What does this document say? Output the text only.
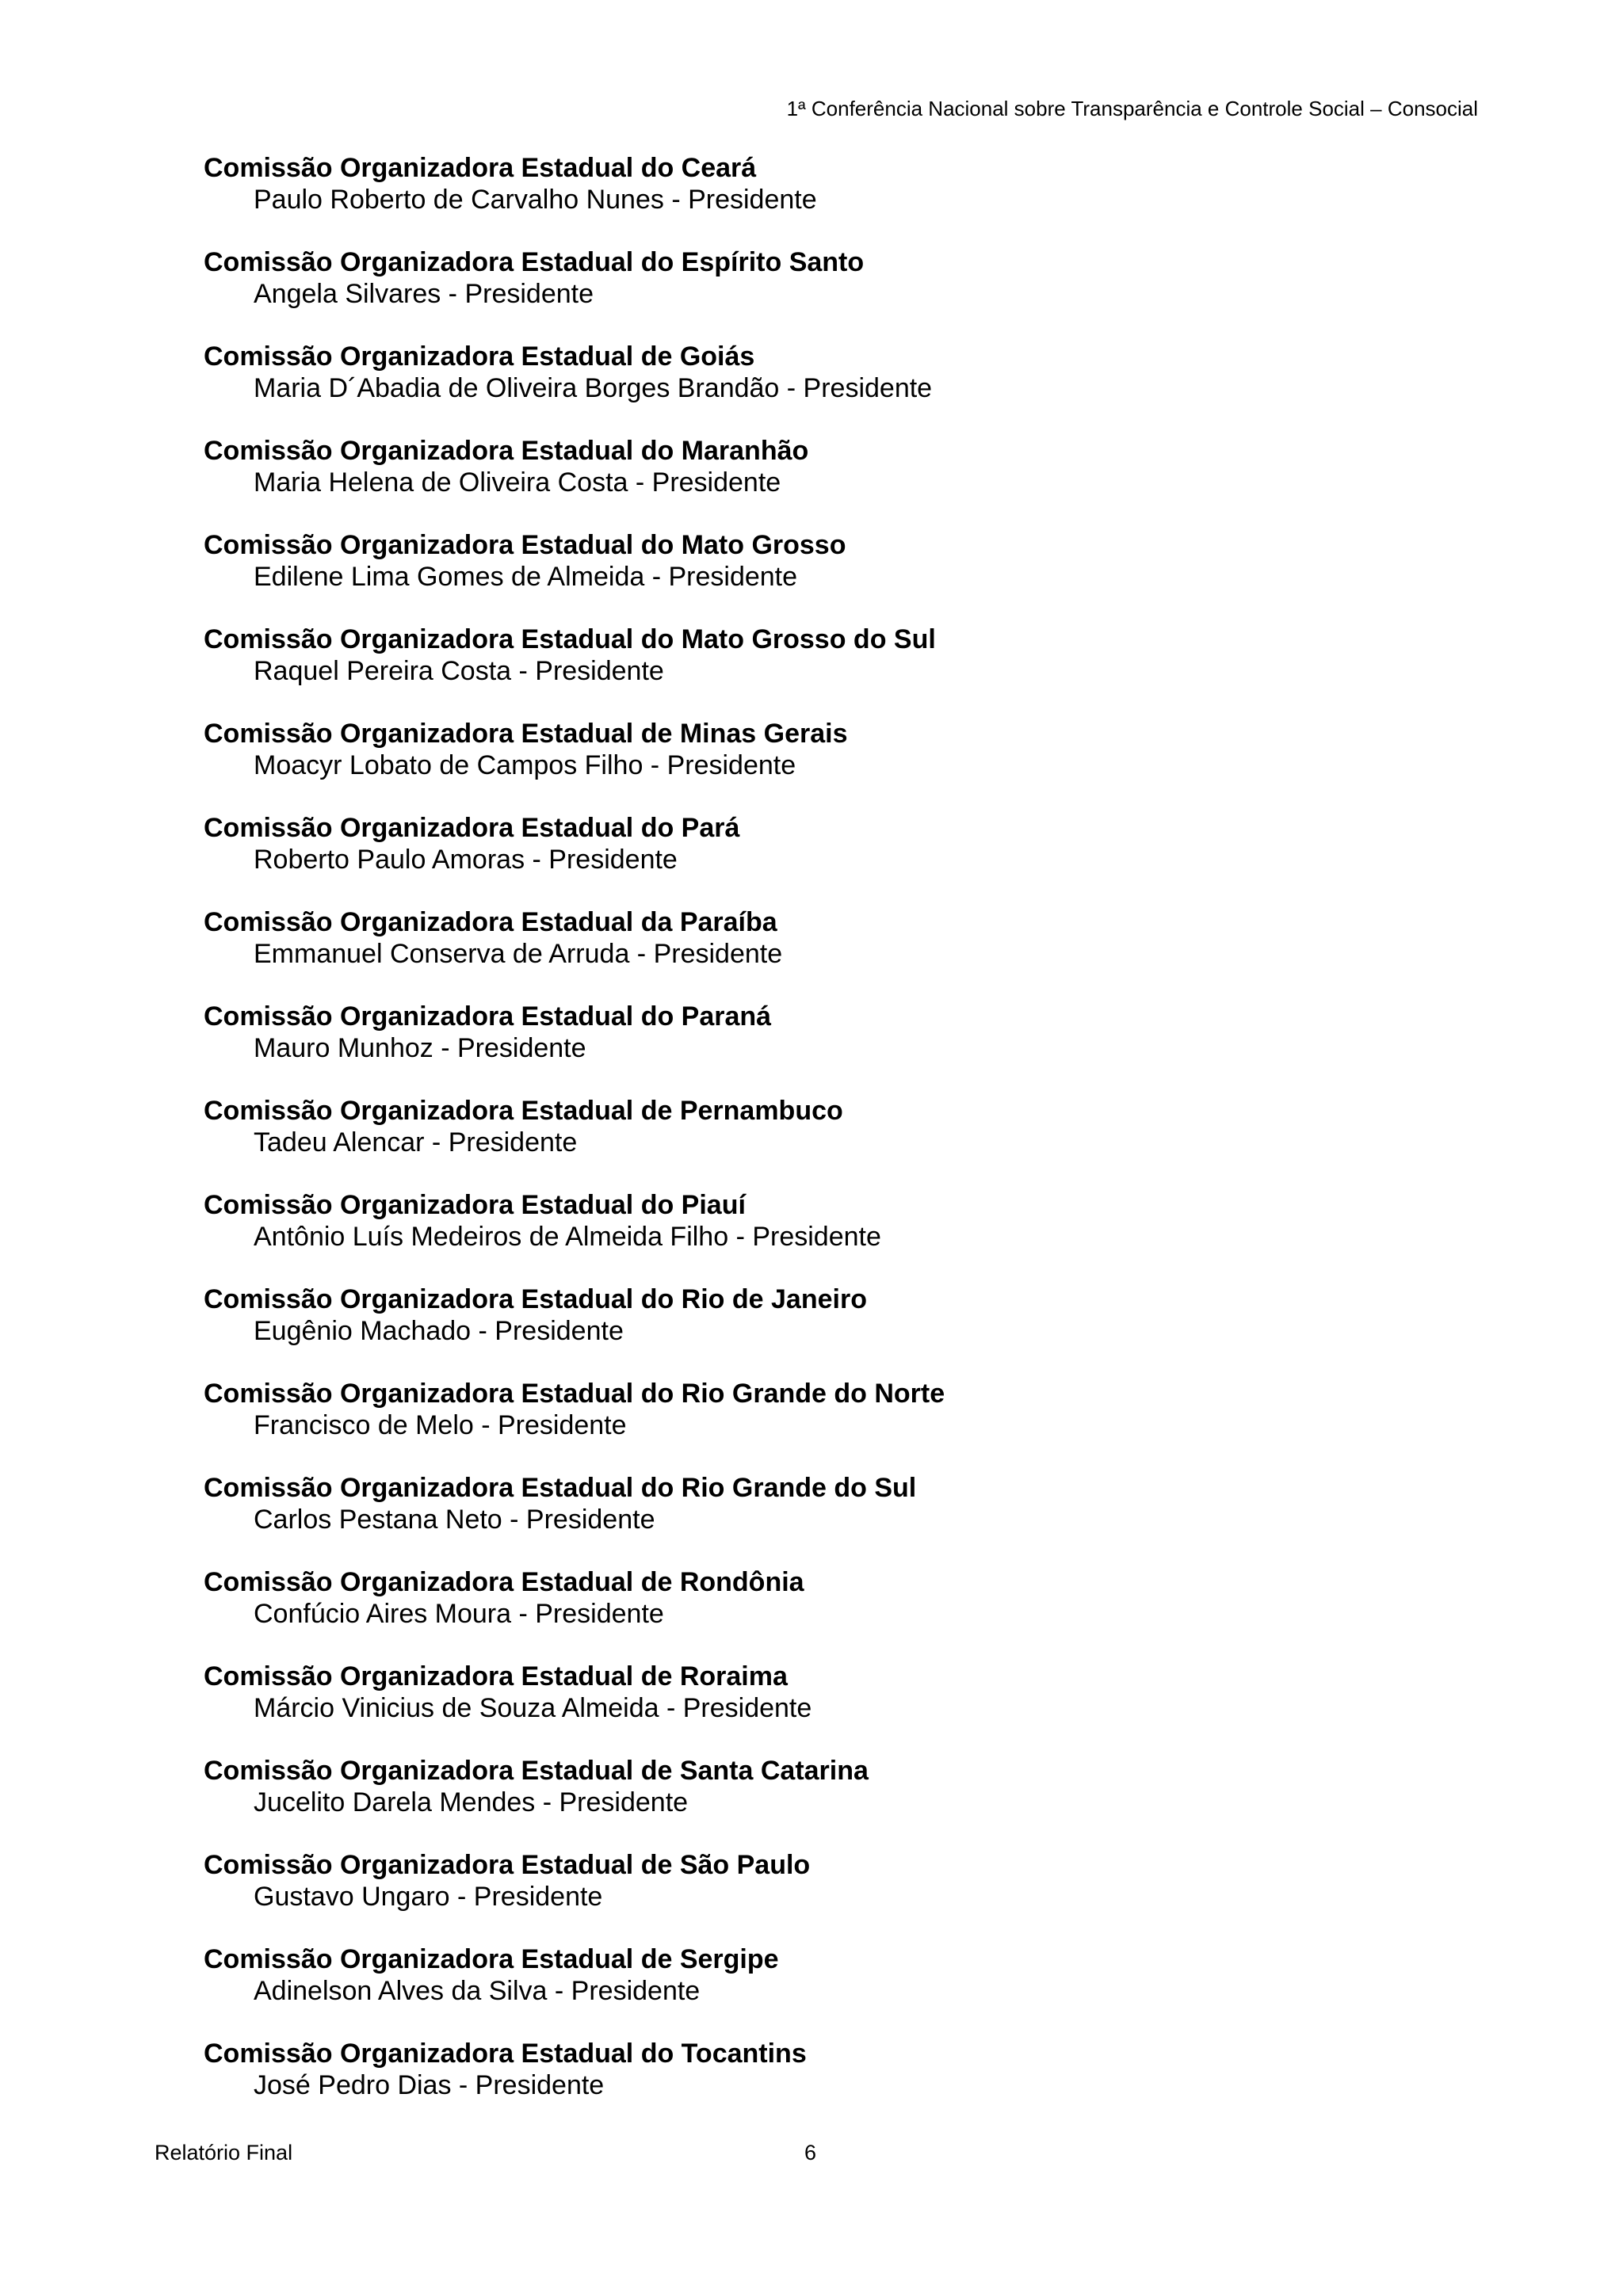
1ª Conferência Nacional sobre Transparência e Controle Social – Consocial
Comissão Organizadora Estadual do Ceará
Paulo Roberto de Carvalho Nunes - Presidente
Comissão Organizadora Estadual do Espírito Santo
Angela Silvares - Presidente
Comissão Organizadora Estadual de Goiás
Maria D´Abadia de Oliveira Borges Brandão - Presidente
Comissão Organizadora Estadual do Maranhão
Maria Helena de Oliveira Costa - Presidente
Comissão Organizadora Estadual do Mato Grosso
Edilene Lima Gomes de Almeida - Presidente
Comissão Organizadora Estadual do Mato Grosso do Sul
Raquel Pereira Costa - Presidente
Comissão Organizadora Estadual de Minas Gerais
Moacyr Lobato de Campos Filho - Presidente
Comissão Organizadora Estadual do Pará
Roberto Paulo Amoras - Presidente
Comissão Organizadora Estadual da Paraíba
Emmanuel Conserva de Arruda - Presidente
Comissão Organizadora Estadual do Paraná
Mauro Munhoz - Presidente
Comissão Organizadora Estadual de Pernambuco
Tadeu Alencar - Presidente
Comissão Organizadora Estadual do Piauí
Antônio Luís Medeiros de Almeida Filho - Presidente
Comissão Organizadora Estadual do Rio de Janeiro
Eugênio Machado - Presidente
Comissão Organizadora Estadual do Rio Grande do Norte
Francisco de Melo - Presidente
Comissão Organizadora Estadual do Rio Grande do Sul
Carlos Pestana Neto - Presidente
Comissão Organizadora Estadual de Rondônia
Confúcio Aires Moura - Presidente
Comissão Organizadora Estadual de Roraima
Márcio Vinicius de Souza Almeida - Presidente
Comissão Organizadora Estadual de Santa Catarina
Jucelito Darela Mendes - Presidente
Comissão Organizadora Estadual de São Paulo
Gustavo Ungaro - Presidente
Comissão Organizadora Estadual de Sergipe
Adinelson Alves da Silva - Presidente
Comissão Organizadora Estadual do Tocantins
José Pedro Dias - Presidente
Relatório Final	6
